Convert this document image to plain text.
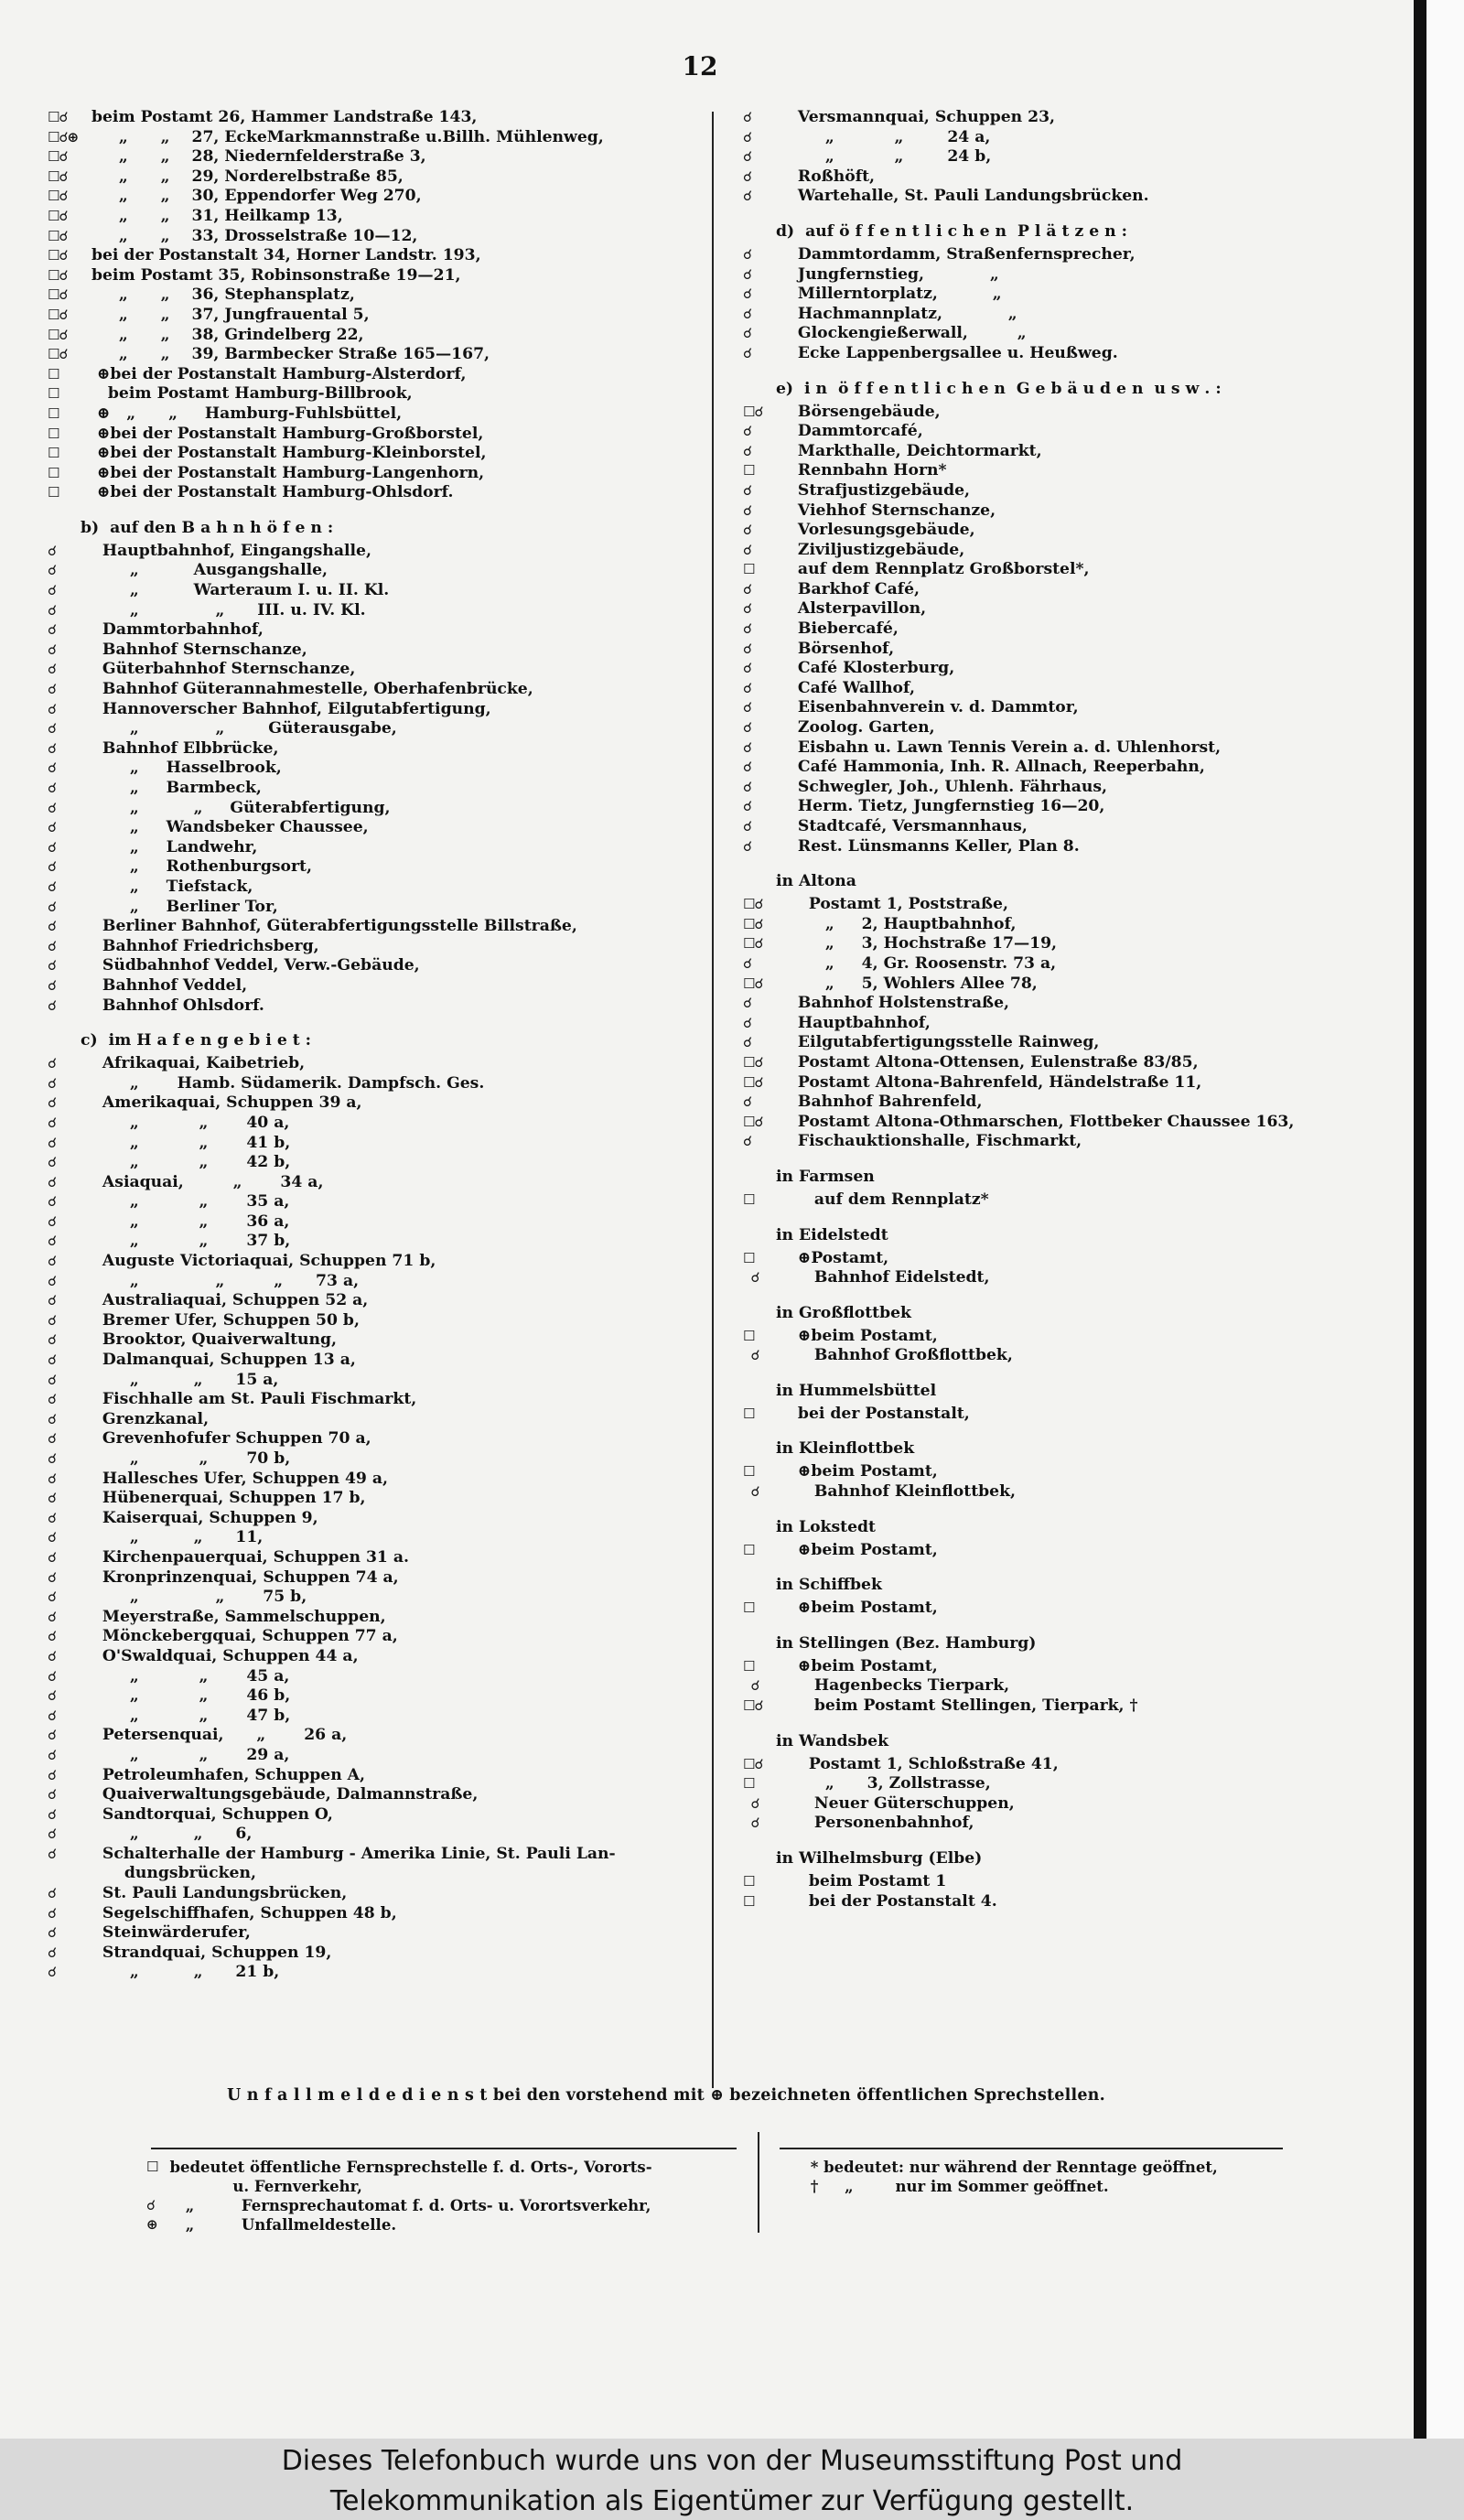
12
☐☌ beim Postamt 26, Hammer Landstraße 143,
☐☌⊕ „      „    27, EckeMarkmannstraße u.Billh. Mühlenweg,
☐☌ „      „    28, Niedernfelderstraße 3,
☐☌ „      „    29, Norderelbstraße 85,
☐☌ „      „    30, Eppendorfer Weg 270,
☐☌ „      „    31, Heilkamp 13,
☐☌ „      „    33, Drosselstraße 10—12,
☐☌ bei der Postanstalt 34, Horner Landstr. 193,
☐☌ beim Postamt 35, Robinsonstraße 19—21,
☐☌ „      „    36, Stephansplatz,
☐☌ „      „    37, Jungfrauental 5,
☐☌ „      „    38, Grindelberg 22,
☐☌ „      „    39, Barmbecker Straße 165—167,
☐ ⊕bei der Postanstalt Hamburg-Alsterdorf,
☐ beim Postamt Hamburg-Billbrook,
☐ ⊕   „      „     Hamburg-Fuhlsbüttel,
☐ ⊕bei der Postanstalt Hamburg-Großborstel,
☐ ⊕bei der Postanstalt Hamburg-Kleinborstel,
☐ ⊕bei der Postanstalt Hamburg-Langenhorn,
☐ ⊕bei der Postanstalt Hamburg-Ohlsdorf.
b)  auf den B a h n h ö f e n :
☌ Hauptbahnhof, Eingangshalle,
☌ „          Ausgangshalle,
☌ „          Warteraum I. u. II. Kl.
☌ „              „      III. u. IV. Kl.
☌ Dammtorbahnhof,
☌ Bahnhof Sternschanze,
☌ Güterbahnhof Sternschanze,
☌ Bahnhof Güterannahmestelle, Oberhafenbrücke,
☌ Hannoverscher Bahnhof, Eilgutabfertigung,
☌ „              „        Güterausgabe,
☌ Bahnhof Elbbrücke,
☌ „     Hasselbrook,
☌ „     Barmbeck,
☌ „          „     Güterabfertigung,
☌ „     Wandsbeker Chaussee,
☌ „     Landwehr,
☌ „     Rothenburgsort,
☌ „     Tiefstack,
☌ „     Berliner Tor,
☌ Berliner Bahnhof, Güterabfertigungsstelle Billstraße,
☌ Bahnhof Friedrichsberg,
☌ Südbahnhof Veddel, Verw.-Gebäude,
☌ Bahnhof Veddel,
☌ Bahnhof Ohlsdorf.
c)  im H a f e n g e b i e t :
☌ Afrikaquai, Kaibetrieb,
☌ „       Hamb. Südamerik. Dampfsch. Ges.
☌ Amerikaquai, Schuppen 39 a,
☌ „           „       40 a,
☌ „           „       41 b,
☌ „           „       42 b,
☌ Asiaquai,         „       34 a,
☌ „           „       35 a,
☌ „           „       36 a,
☌ „           „       37 b,
☌ Auguste Victoriaquai, Schuppen 71 b,
☌ „              „         „      73 a,
☌ Australiaquai, Schuppen 52 a,
☌ Bremer Ufer, Schuppen 50 b,
☌ Brooktor, Quaiverwaltung,
☌ Dalmanquai, Schuppen 13 a,
☌ „          „      15 a,
☌ Fischhalle am St. Pauli Fischmarkt,
☌ Grenzkanal,
☌ Grevenhofufer Schuppen 70 a,
☌ „           „       70 b,
☌ Hallesches Ufer, Schuppen 49 a,
☌ Hübenerquai, Schuppen 17 b,
☌ Kaiserquai, Schuppen 9,
☌ „          „      11,
☌ Kirchenpauerquai, Schuppen 31 a.
☌ Kronprinzenquai, Schuppen 74 a,
☌ „              „       75 b,
☌ Meyerstraße, Sammelschuppen,
☌ Mönckebergquai, Schuppen 77 a,
☌ O'Swaldquai, Schuppen 44 a,
☌ „           „       45 a,
☌ „           „       46 b,
☌ „           „       47 b,
☌ Petersenquai,      „       26 a,
☌ „           „       29 a,
☌ Petroleumhafen, Schuppen A,
☌ Quaiverwaltungsgebäude, Dalmannstraße,
☌ Sandtorquai, Schuppen O,
☌ „          „      6,
☌ Schalterhalle der Hamburg - Amerika Linie, St. Pauli Lan-
dungsbrücken,
☌ St. Pauli Landungsbrücken,
☌ Segelschiffhafen, Schuppen 48 b,
☌ Steinwärderufer,
☌ Strandquai, Schuppen 19,
☌ „          „      21 b,
☌ Versmannquai, Schuppen 23,
☌ „           „        24 a,
☌ „           „        24 b,
☌ Roßhöft,
☌ Wartehalle, St. Pauli Landungsbrücken.
d)  auf ö f f e n t l i c h e n  P l ä t z e n :
☌ Dammtordamm, Straßenfernsprecher,
☌ Jungfernstieg,            „
☌ Millerntorplatz,          „
☌ Hachmannplatz,            „
☌ Glockengießerwall,         „
☌ Ecke Lappenbergsallee u. Heußweg.
e)  i n  ö f f e n t l i c h e n  G e b ä u d e n  u s w . :
☐☌ Börsengebäude,
☌ Dammtorcafé,
☌ Markthalle, Deichtormarkt,
☐ Rennbahn Horn*
☌ Strafjustizgebäude,
☌ Viehhof Sternschanze,
☌ Vorlesungsgebäude,
☌ Ziviljustizgebäude,
☐ auf dem Rennplatz Großborstel*,
☌ Barkhof Café,
☌ Alsterpavillon,
☌ Bieberсafé,
☌ Börsenhof,
☌ Café Klosterburg,
☌ Café Wallhof,
☌ Eisenbahnverein v. d. Dammtor,
☌ Zoolog. Garten,
☌ Eisbahn u. Lawn Tennis Verein a. d. Uhlenhorst,
☌ Café Hammonia, Inh. R. Allnach, Reeperbahn,
☌ Schwegler, Joh., Uhlenh. Fährhaus,
☌ Herm. Tietz, Jungfernstieg 16—20,
☌ Stadtcafé, Versmannhaus,
☌ Rest. Lünsmanns Keller, Plan 8.
in Altona
☐☌ Postamt 1, Poststraße,
☐☌ „     2, Hauptbahnhof,
☐☌ „     3, Hochstraße 17—19,
☌ „     4, Gr. Roosenstr. 73 a,
☐☌ „     5, Wohlers Allee 78,
☌ Bahnhof Holstenstraße,
☌ Hauptbahnhof,
☌ Eilgutabfertigungsstelle Rainweg,
☐☌ Postamt Altona-Ottensen, Eulenstraße 83/85,
☐☌ Postamt Altona-Bahrenfeld, Händelstraße 11,
☌ Bahnhof Bahrenfeld,
☐☌ Postamt Altona-Othmarschen, Flottbeker Chaussee 163,
☌ Fischauktionshalle, Fischmarkt,
in Farmsen
☐ auf dem Rennplatz*
in Eidelstedt
☐ ⊕Postamt,
☌ Bahnhof Eidelstedt,
in Großflottbek
☐ ⊕beim Postamt,
☌ Bahnhof Großflottbek,
in Hummelsbüttel
☐ bei der Postanstalt,
in Kleinflottbek
☐ ⊕beim Postamt,
☌ Bahnhof Kleinflottbek,
in Lokstedt
☐ ⊕beim Postamt,
in Schiffbek
☐ ⊕beim Postamt,
in Stellingen (Bez. Hamburg)
☐ ⊕beim Postamt,
☌ Hagenbecks Tierpark,
☐☌ beim Postamt Stellingen, Tierpark, †
in Wandsbek
☐☌ Postamt 1, Schloßstraße 41,
☐ „      3, Zollstrasse,
☌ Neuer Güterschuppen,
☌ Personenbahnhof,
in Wilhelmsburg (Elbe)
☐ beim Postamt 1
☐ bei der Postanstalt 4.
U n f a l l m e l d e d i e n s t bei den vorstehend mit ⊕ bezeichneten öffentlichen Sprechstellen.
☐ bedeutet öffentliche Fernsprechstelle f. d. Orts-, Vororts-
u. Fernverkehr,
☌ „         Fernsprechautomat f. d. Orts- u. Vorortsverkehr,
⊕ „         Unfallmeldestelle.
* bedeutet: nur während der Renntage geöffnet,
†     „        nur im Sommer geöffnet.
Dieses Telefonbuch wurde uns von der Museumsstiftung Post und
Telekommunikation als Eigentümer zur Verfügung gestellt.
